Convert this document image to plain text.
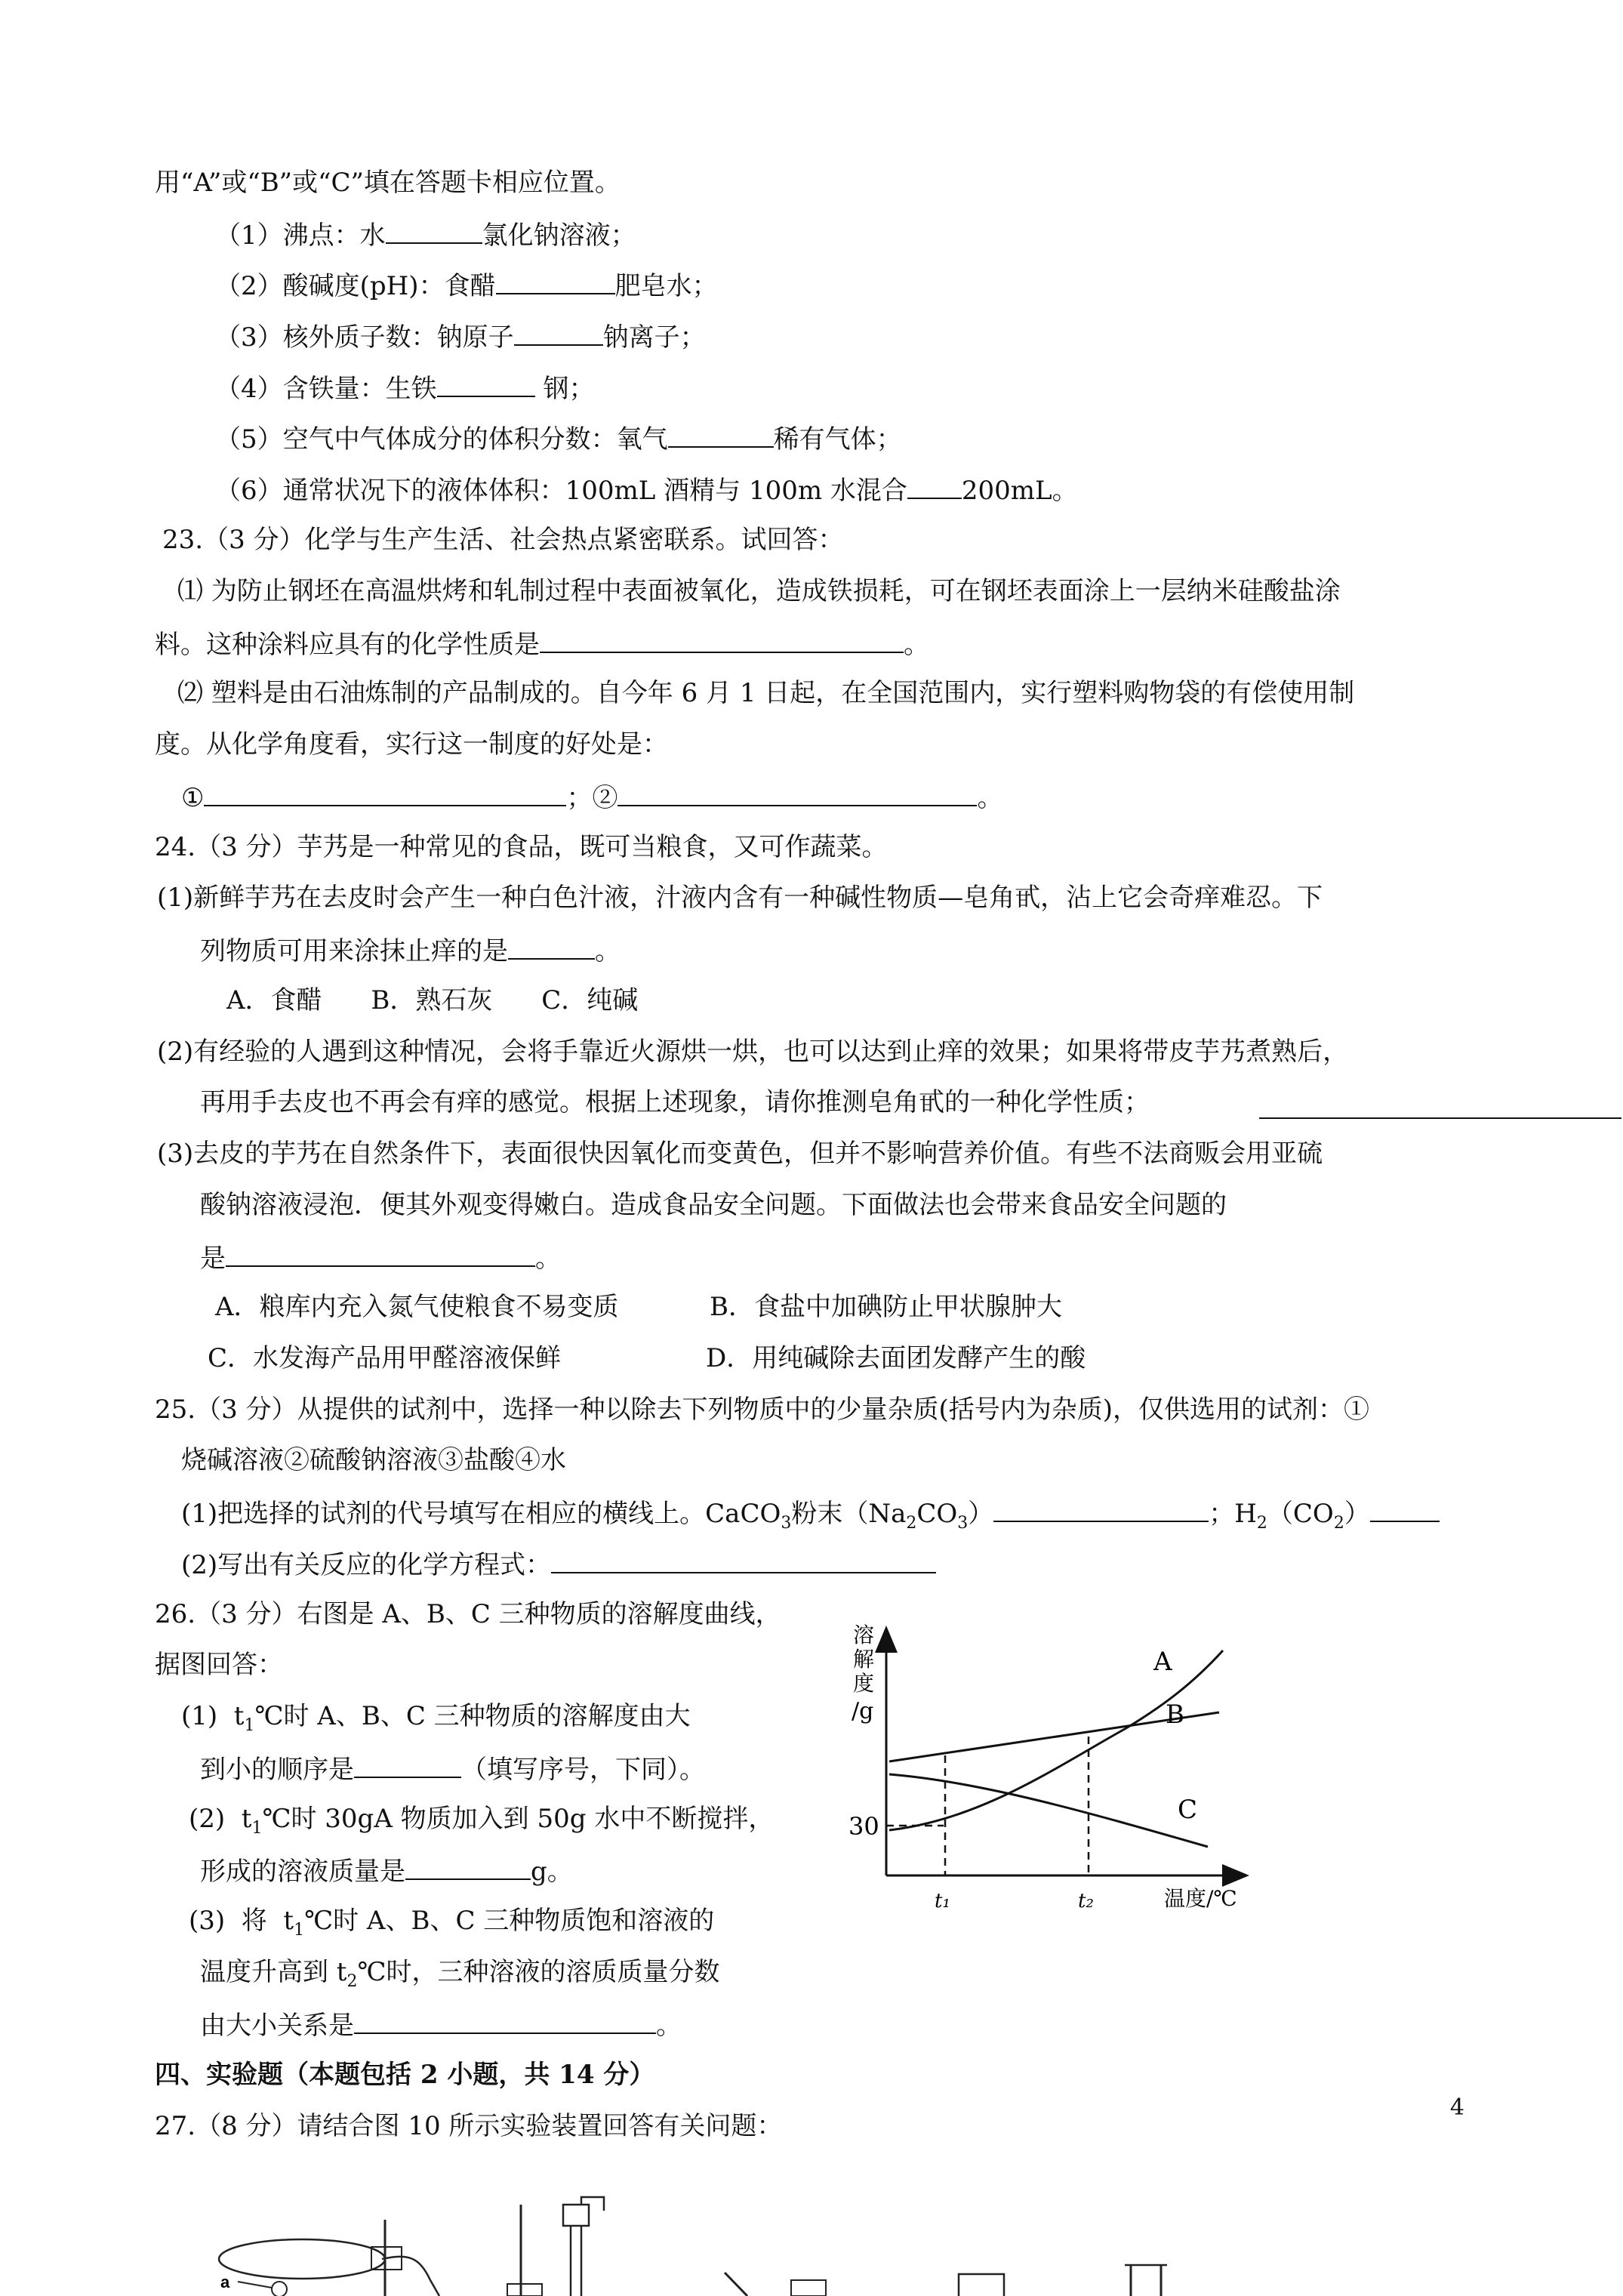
用“A”或“B”或“C”填在答题卡相应位置。
（1）沸点：水	氯化钠溶液；
（2）酸碱度(pH)：食醋	肥皂水；
（3）核外质子数：钠原子	钠离子；
（4）含铁量：生铁	钢；
（5）空气中气体成分的体积分数：氧气	稀有气体；
（6）通常状况下的液体体积：100mL 酒精与 100m 水混合 200mL。
23.（3 分）化学与生产生活、社会热点紧密联系。试回答：
⑴ 为防止钢坯在高温烘烤和轧制过程中表面被氧化，造成铁损耗，可在钢坯表面涂上一层纳米硅酸盐涂
料。这种涂料应具有的化学性质是	。
⑵ 塑料是由石油炼制的产品制成的。自今年 6 月 1 日起，在全国范围内，实行塑料购物袋的有偿使用制
度。从化学角度看，实行这一制度的好处是：
①	；②	。
24.（3 分）芋艿是一种常见的食品，既可当粮食，又可作蔬菜。
(1)新鲜芋艿在去皮时会产生一种白色汁液，汁液内含有一种碱性物质—皂角甙，沾上它会奇痒难忍。下
列物质可用来涂抹止痒的是	。
A．食醋      B．熟石灰      C．纯碱
(2)有经验的人遇到这种情况，会将手靠近火源烘一烘，也可以达到止痒的效果；如果将带皮芋艿煮熟后，
再用手去皮也不再会有痒的感觉。根据上述现象，请你推测皂角甙的一种化学性质；
(3)去皮的芋艿在自然条件下，表面很快因氧化而变黄色，但并不影响营养价值。有些不法商贩会用亚硫
酸钠溶液浸泡．便其外观变得嫩白。造成食品安全问题。下面做法也会带来食品安全问题的
是	。
A．粮库内充入氮气使粮食不易变质	B．食盐中加碘防止甲状腺肿大
C．水发海产品用甲醛溶液保鲜	D．用纯碱除去面团发酵产生的酸
25.（3 分）从提供的试剂中，选择一种以除去下列物质中的少量杂质(括号内为杂质)，仅供选用的试剂：①
烧碱溶液②硫酸钠溶液③盐酸④水
(1)把选择的试剂的代号填写在相应的横线上。CaCO$_3$粉末$(Na_2CO_3)$	；$H_2(CO_2)$
(2)写出有关反应的化学方程式：
26.（3 分）右图是 A、B、C 三种物质的溶解度曲线，
据图回答：
(1)  $t_1℃$时 A、B、C 三种物质的溶解度由大
到小的顺序是	（填写序号，下同）。
(2)  $t_1℃$时 30gA 物质加入到 50g 水中不断搅拌，
形成的溶液质量是	g。
(3)  将  $t_1℃$时 A、B、C 三种物质饱和溶液的
温度升高到 $t_2℃$时，三种溶液的溶质质量分数
由大小关系是	。
溶
解
度
/g
30
t₁	t₂	温度/℃
A
B
C
四、实验题（本题包括 2 小题，共 14 分）
27.（8 分）请结合图 10 所示实验装置回答有关问题：
4
a
